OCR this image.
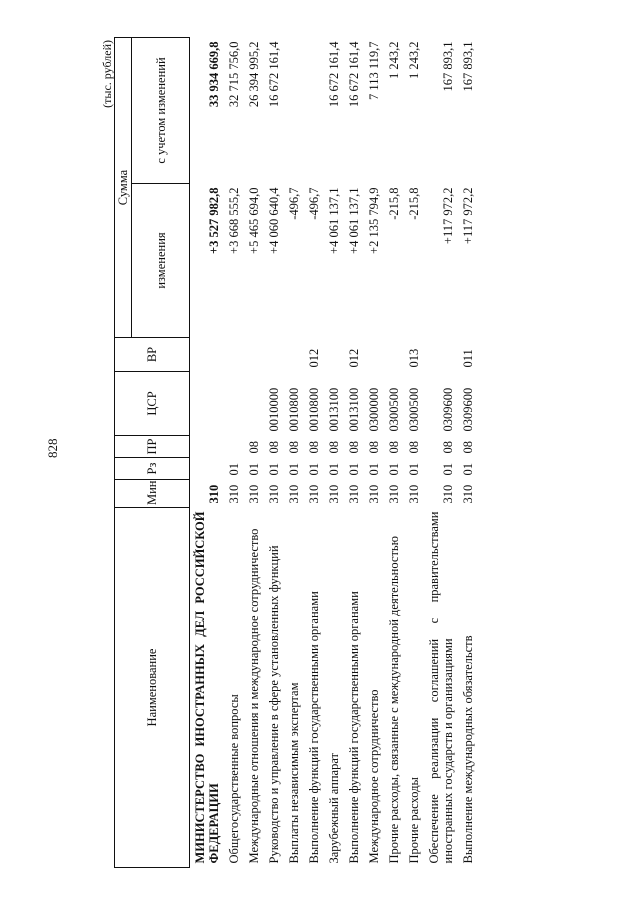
828
(тыс. рублей)
Наименование	Мин	Рз	ПР	ЦСР	ВР	Сумма	
						изменения	с учетом изменений
МИНИСТЕРСТВО ИНОСТРАННЫХ ДЕЛ РОССИЙСКОЙ ФЕДЕРАЦИИ	310					+3 527 982,8	33 934 669,8
Общегосударственные вопросы	310	01				+3 668 555,2	32 715 756,0
Международные отношения и международное сотрудничество	310	01	08			+5 465 694,0	26 394 995,2
Руководство и управление в сфере установленных функций	310	01	08	0010000		+4 060 640,4	16 672 161,4
Выплаты независимым экспертам	310	01	08	0010800		-496,7	
Выполнение функций государственными органами	310	01	08	0010800	012	-496,7	
Зарубежный аппарат	310	01	08	0013100		+4 061 137,1	16 672 161,4
Выполнение функций государственными органами	310	01	08	0013100	012	+4 061 137,1	16 672 161,4
Международное сотрудничество	310	01	08	0300000		+2 135 794,9	7 113 119,7
Прочие расходы, связанные с международной деятельностью	310	01	08	0300500		-215,8	1 243,2
Прочие расходы	310	01	08	0300500	013	-215,8	1 243,2
Обеспечение реализации соглашений с правительствами иностранных государств и организациями	310	01	08	0309600		+117 972,2	167 893,1
Выполнение международных обязательств	310	01	08	0309600	011	+117 972,2	167 893,1
